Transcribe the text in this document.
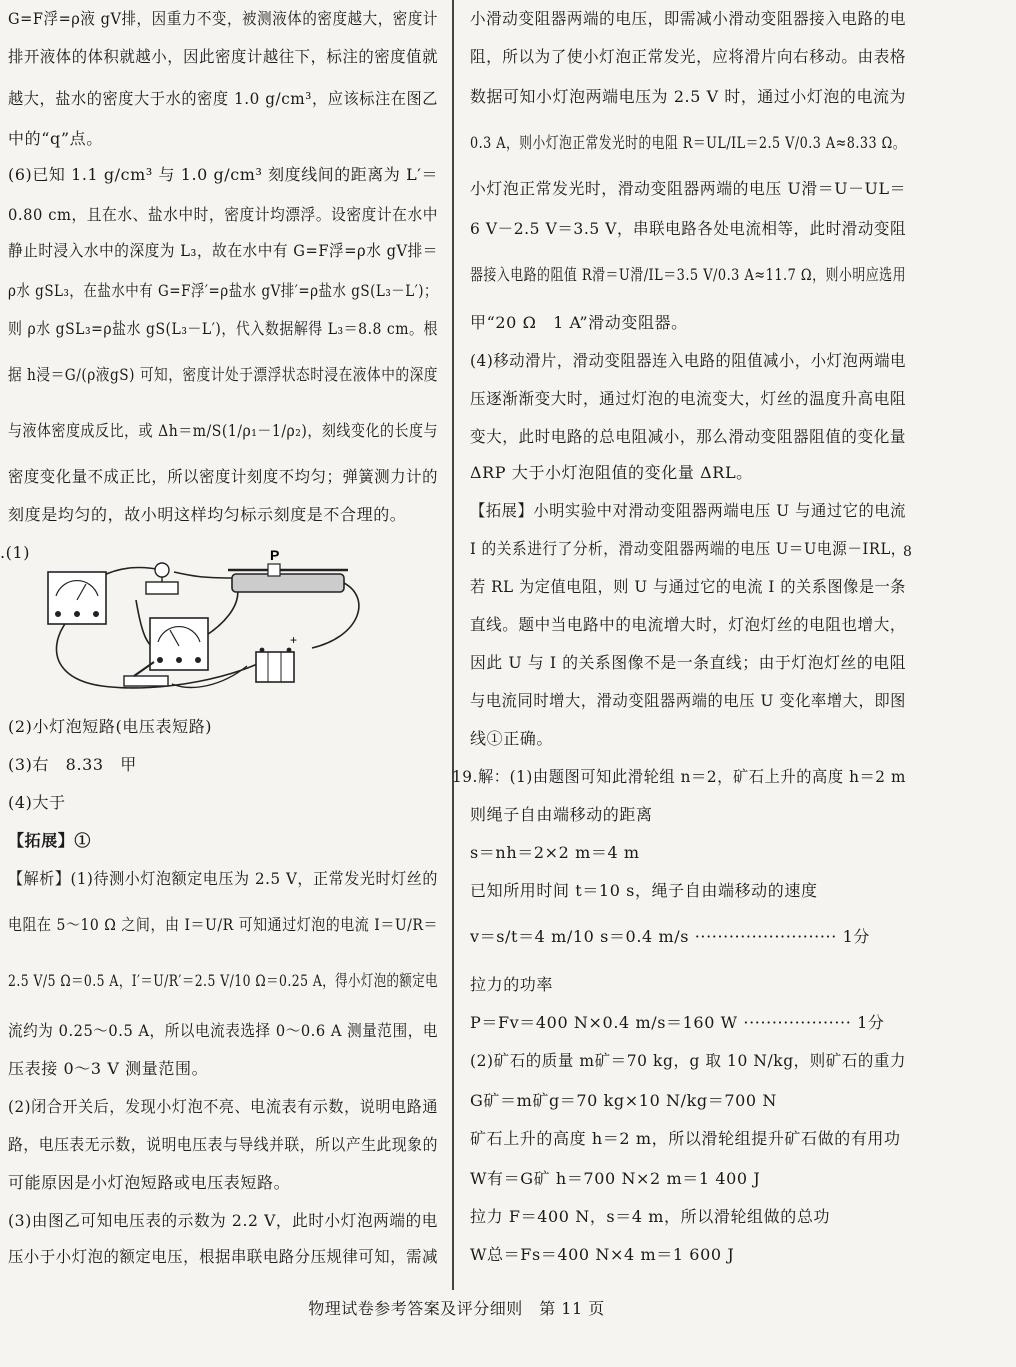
G=F浮=ρ液 gV排，因重力不变，被测液体的密度越大，密度计
排开液体的体积就越小，因此密度计越往下，标注的密度值就
越大，盐水的密度大于水的密度 1.0 g/cm³，应该标注在图乙
中的“q”点。
(6)已知 1.1 g/cm³ 与 1.0 g/cm³ 刻度线间的距离为 L′＝
0.80 cm，且在水、盐水中时，密度计均漂浮。设密度计在水中
静止时浸入水中的深度为 L₃，故在水中有 G=F浮=ρ水 gV排＝
ρ水 gSL₃，在盐水中有 G=F浮′=ρ盐水 gV排′=ρ盐水 gS(L₃－L′)；
则 ρ水 gSL₃=ρ盐水 gS(L₃－L′)，代入数据解得 L₃＝8.8 cm。根
据 h浸＝G/(ρ液gS) 可知，密度计处于漂浮状态时浸在液体中的深度
与液体密度成反比，或 Δh＝m/S(1/ρ₁－1/ρ₂)，刻线变化的长度与
密度变化量不成正比，所以密度计刻度不均匀；弹簧测力计的
刻度是均匀的，故小明这样均匀标示刻度是不合理的。
.(1)	P
+
(2)小灯泡短路(电压表短路)
(3)右　8.33　甲
(4)大于
【拓展】①
【解析】(1)待测小灯泡额定电压为 2.5 V，正常发光时灯丝的
电阻在 5～10 Ω 之间，由 I＝U/R 可知通过灯泡的电流 I＝U/R＝
2.5 V/5 Ω＝0.5 A，I′＝U/R′＝2.5 V/10 Ω＝0.25 A，得小灯泡的额定电
流约为 0.25～0.5 A，所以电流表选择 0～0.6 A 测量范围，电
压表接 0～3 V 测量范围。
(2)闭合开关后，发现小灯泡不亮、电流表有示数，说明电路通
路，电压表无示数，说明电压表与导线并联，所以产生此现象的
可能原因是小灯泡短路或电压表短路。
(3)由图乙可知电压表的示数为 2.2 V，此时小灯泡两端的电
压小于小灯泡的额定电压，根据串联电路分压规律可知，需减
小滑动变阻器两端的电压，即需减小滑动变阻器接入电路的电
阻，所以为了使小灯泡正常发光，应将滑片向右移动。由表格
数据可知小灯泡两端电压为 2.5 V 时，通过小灯泡的电流为
0.3 A，则小灯泡正常发光时的电阻 R＝UL/IL＝2.5 V/0.3 A≈8.33 Ω。
小灯泡正常发光时，滑动变阻器两端的电压 U滑＝U－UL＝
6 V－2.5 V＝3.5 V，串联电路各处电流相等，此时滑动变阻
器接入电路的阻值 R滑＝U滑/IL＝3.5 V/0.3 A≈11.7 Ω，则小明应选用
甲“20 Ω　1 A”滑动变阻器。
(4)移动滑片，滑动变阻器连入电路的阻值减小，小灯泡两端电
压逐渐渐变大时，通过灯泡的电流变大，灯丝的温度升高电阻
变大，此时电路的总电阻减小，那么滑动变阻器阻值的变化量
ΔRP 大于小灯泡阻值的变化量 ΔRL。
【拓展】小明实验中对滑动变阻器两端电压 U 与通过它的电流
I 的关系进行了分析，滑动变阻器两端的电压 U＝U电源－IRL，
若 RL 为定值电阻，则 U 与通过它的电流 I 的关系图像是一条
直线。题中当电路中的电流增大时，灯泡灯丝的电阻也增大，
因此 U 与 I 的关系图像不是一条直线；由于灯泡灯丝的电阻
与电流同时增大，滑动变阻器两端的电压 U 变化率增大，即图
线①正确。
19.解：(1)由题图可知此滑轮组 n＝2，矿石上升的高度 h＝2 m
则绳子自由端移动的距离
s＝nh＝2×2 m＝4 m
已知所用时间 t＝10 s，绳子自由端移动的速度
v＝s/t＝4 m/10 s＝0.4 m/s ························· 1分
拉力的功率
P＝Fv＝400 N×0.4 m/s＝160 W ··················· 1分
(2)矿石的质量 m矿＝70 kg，g 取 10 N/kg，则矿石的重力
G矿＝m矿g＝70 kg×10 N/kg＝700 N
矿石上升的高度 h＝2 m，所以滑轮组提升矿石做的有用功
W有＝G矿 h＝700 N×2 m＝1 400 J
拉力 F＝400 N，s＝4 m，所以滑轮组做的总功
W总＝Fs＝400 N×4 m＝1 600 J
8
物理试卷参考答案及评分细则　第 11 页
